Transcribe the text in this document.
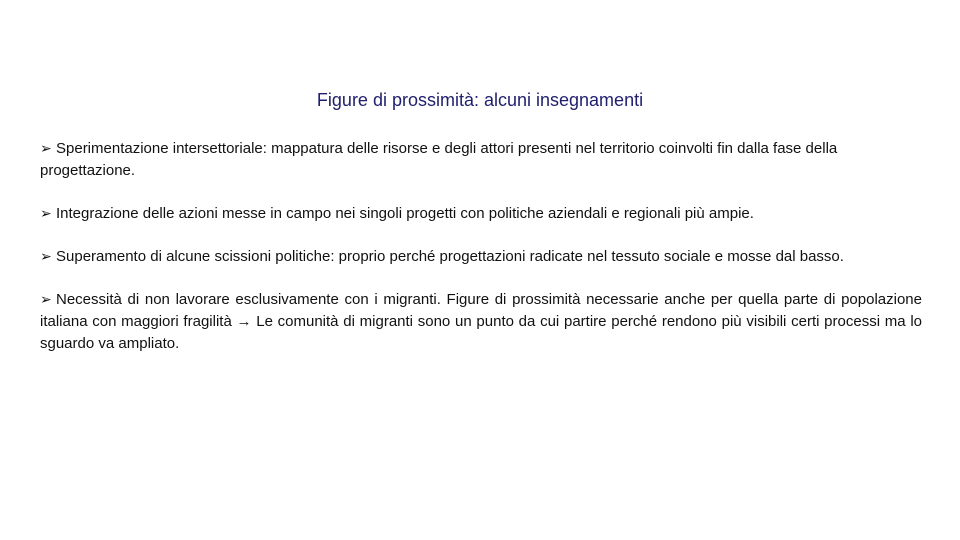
Figure di prossimità: alcuni insegnamenti
➢ Sperimentazione intersettoriale: mappatura delle risorse e degli attori presenti nel territorio coinvolti fin dalla fase della progettazione.
➢ Integrazione delle azioni messe in campo nei singoli progetti con politiche aziendali e regionali più ampie.
➢ Superamento di alcune scissioni politiche: proprio perché progettazioni radicate nel tessuto sociale e mosse dal basso.
➢ Necessità di non lavorare esclusivamente con i migranti. Figure di prossimità necessarie anche per quella parte di popolazione italiana con maggiori fragilità → Le comunità di migranti sono un punto da cui partire perché rendono più visibili certi processi ma lo sguardo va ampliato.
